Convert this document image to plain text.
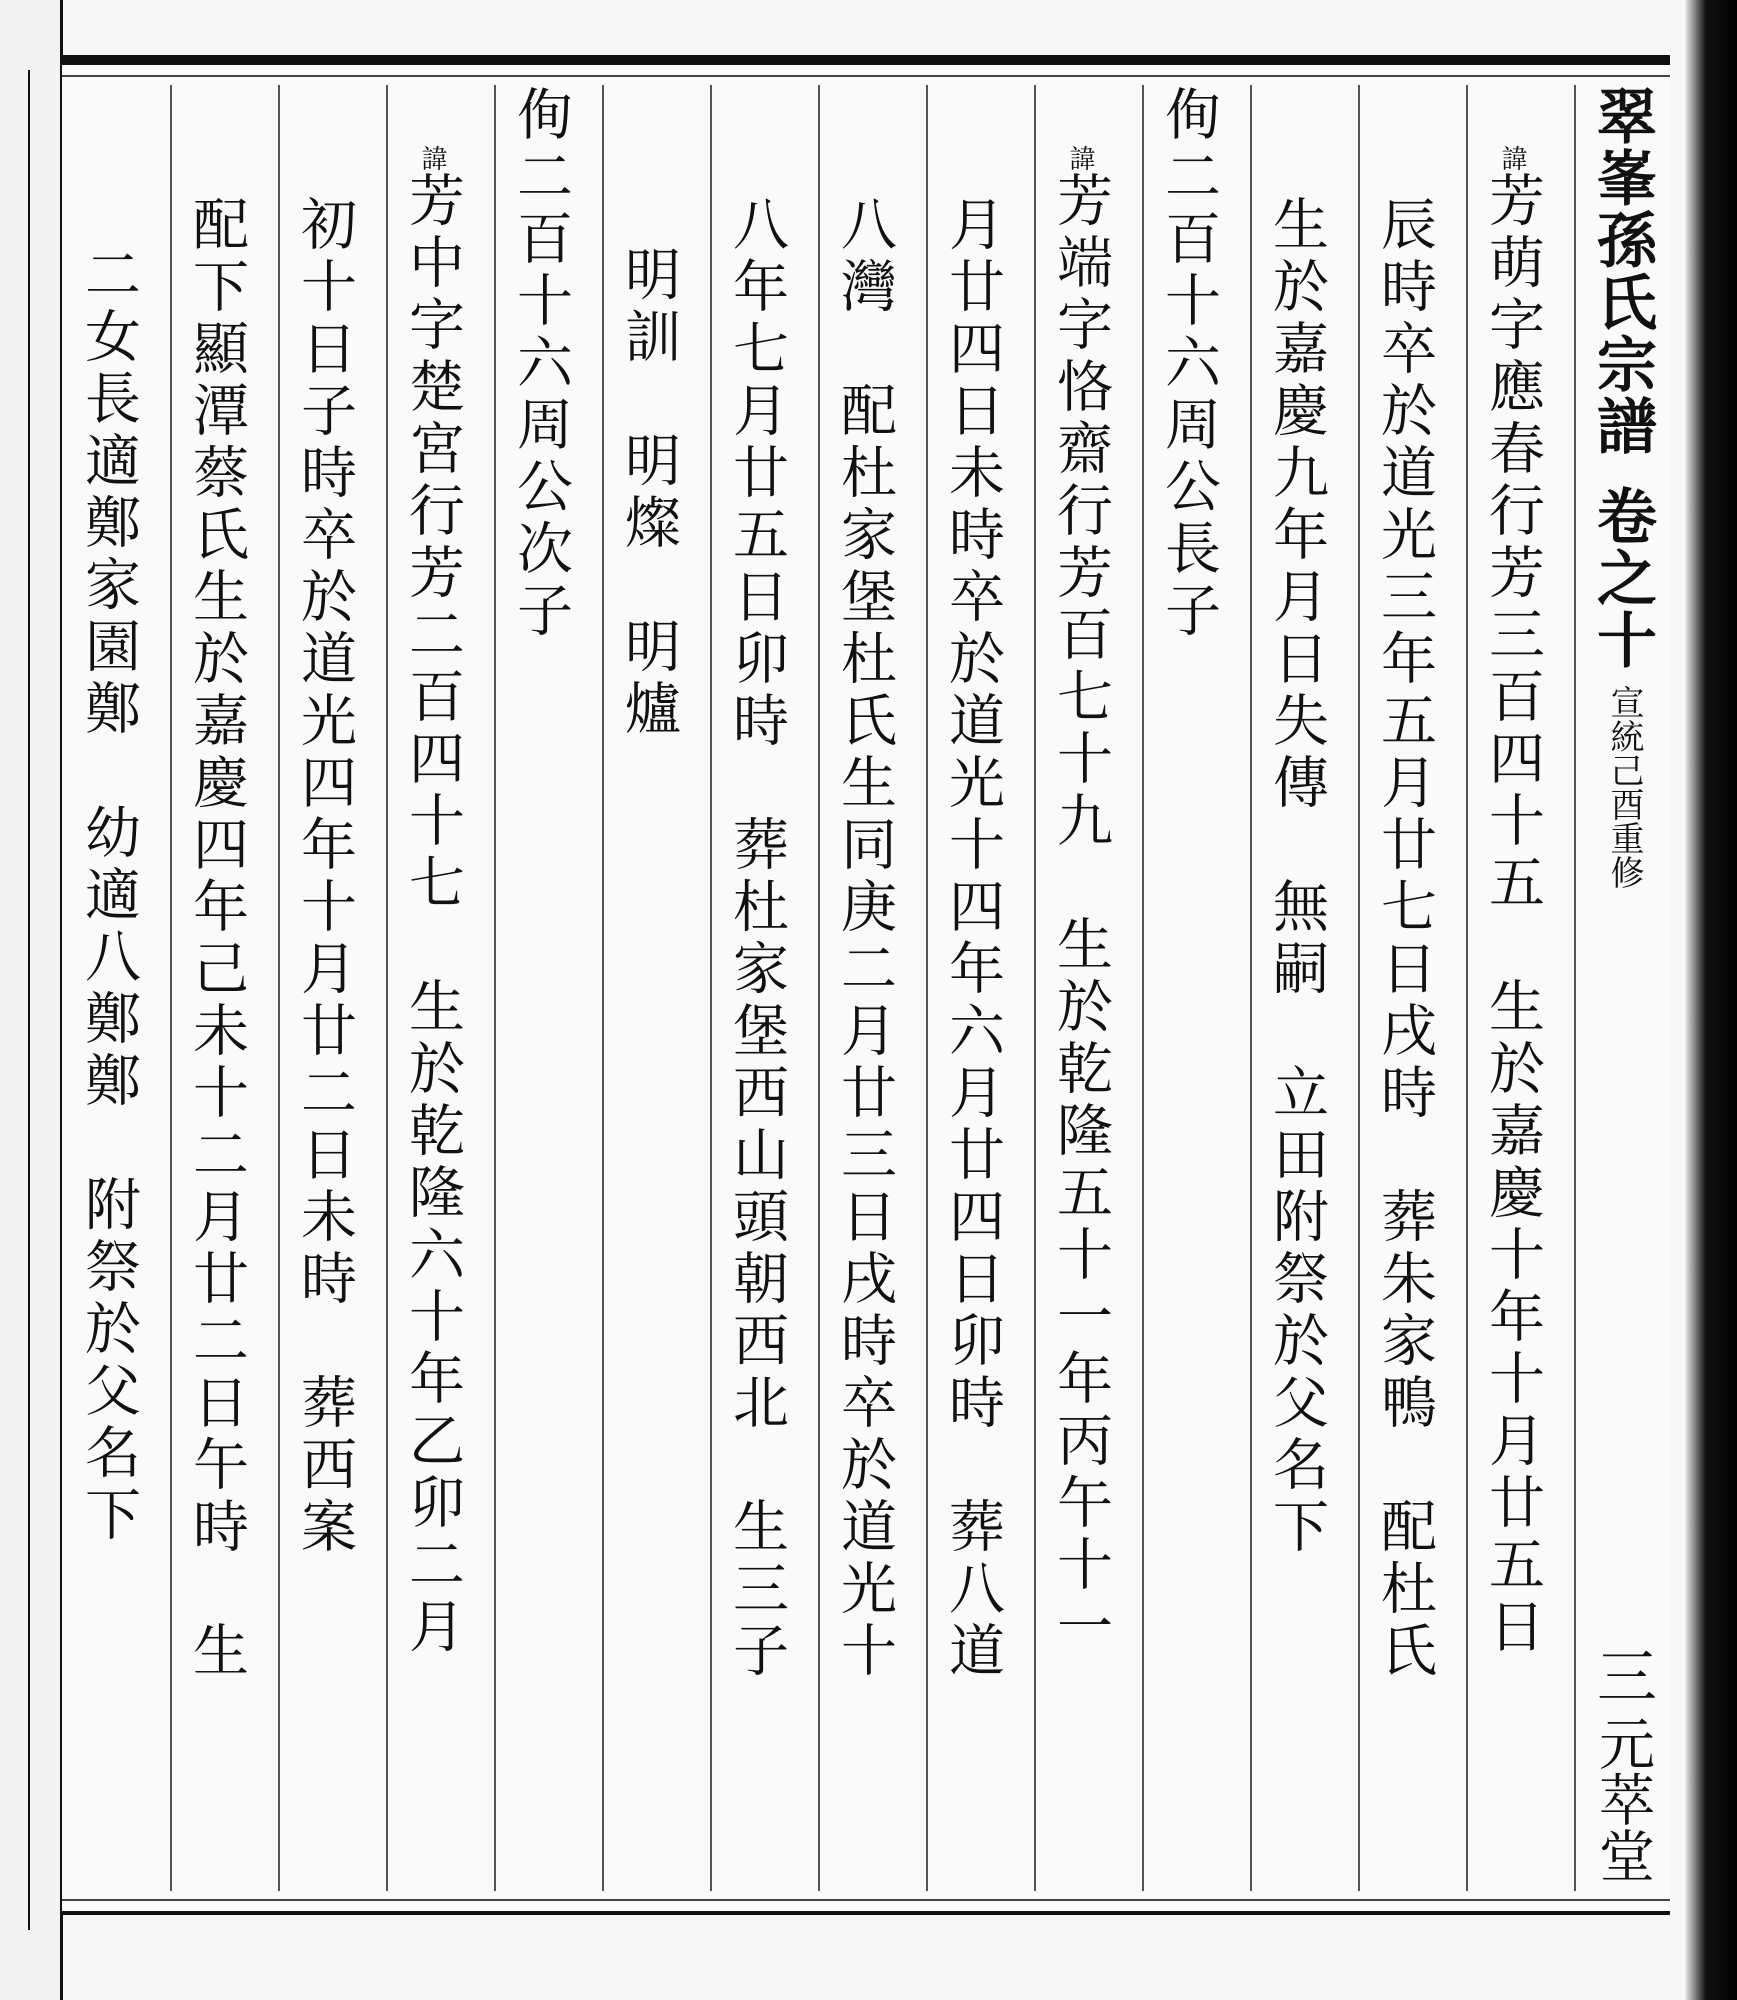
翠峯孫氏宗譜
卷之十
宣統己酉重修
三
元萃堂
諱芳萌字應春行芳三百四十五　生於嘉慶十年十月廿五日
辰時卒於道光三年五月廿七日戌時　葬朱家鴨　配杜氏
生於嘉慶九年月日失傳　無嗣　立田附祭於父名下
侚二百十六周公長子
諱芳端字恪齋行芳百七十九　生於乾隆五十一年丙午十一
月廿四日未時卒於道光十四年六月廿四日卯時　葬八道
八灣　配杜家堡杜氏生同庚二月廿三日戌時卒於道光十
八年七月廿五日卯時　葬杜家堡西山頭朝西北　生三子
明訓　明燦　明爐
侚二百十六周公次子
諱芳中字楚宮行芳二百四十七　生於乾隆六十年乙卯二月
初十日子時卒於道光四年十月廿二日未時　葬西案
配下顯潭蔡氏生於嘉慶四年己未十二月廿二日午時　生
二女長適鄭家園鄭　幼適八鄭鄭　附祭於父名下
